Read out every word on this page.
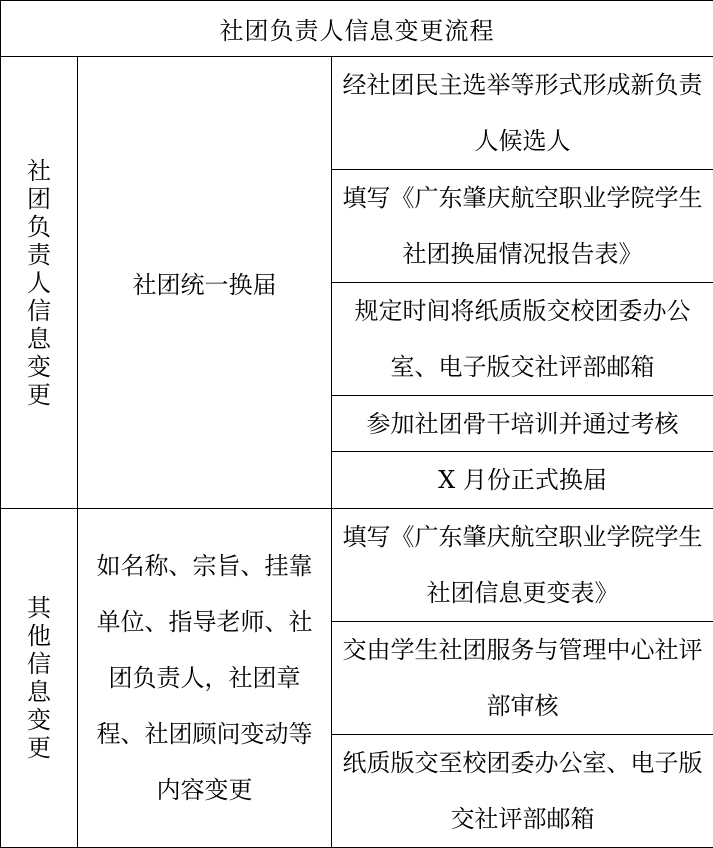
社团负责人信息变更流程		
社团负责人信息变更	社团统一换届	经社团民主选举等形式形成新负责人候选人
		填写《广东肇庆航空职业学院学生社团换届情况报告表》
		规定时间将纸质版交校团委办公室、电子版交社评部邮箱
		参加社团骨干培训并通过考核
		X 月份正式换届
其他信息变更	如名称、宗旨、挂靠单位、指导老师、社团负责人，社团章程、社团顾问变动等内容变更	填写《广东肇庆航空职业学院学生社团信息更变表》
		交由学生社团服务与管理中心社评部审核
		纸质版交至校团委办公室、电子版交社评部邮箱
